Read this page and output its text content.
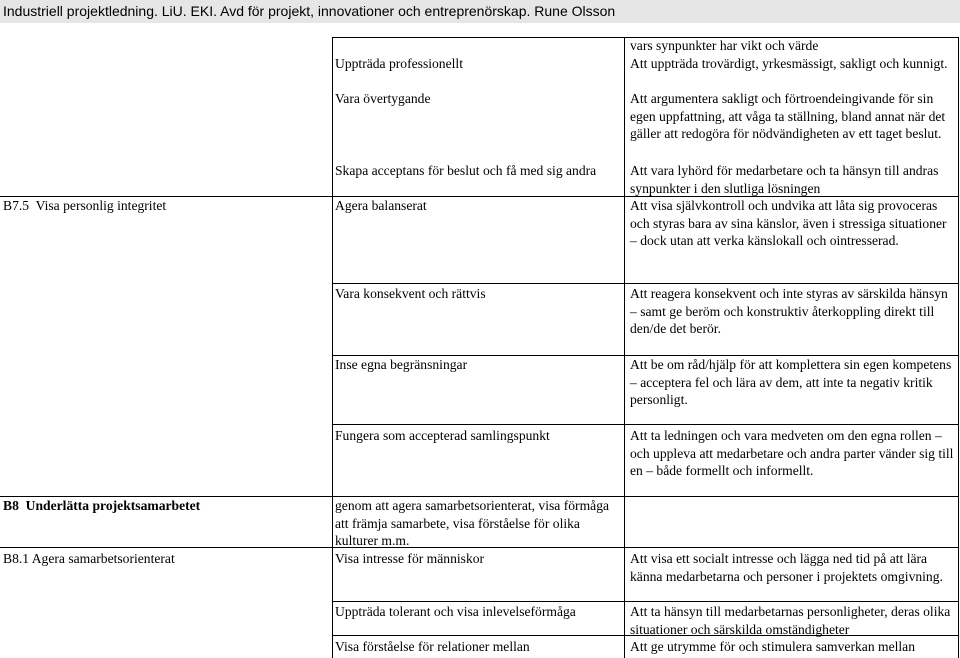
Industriell projektledning. LiU. EKI. Avd för projekt, innovationer och entreprenörskap. Rune Olsson
vars synpunkter har vikt och värde
Uppträda professionellt	Att uppträda trovärdigt, yrkesmässigt, sakligt och kunnigt.
Vara övertygande	Att argumentera sakligt och förtroendeingivande för sin egen uppfattning, att våga ta ställning, bland annat när det gäller att redogöra för nödvändigheten av ett taget beslut.
Skapa acceptans för beslut och få med sig andra	Att vara lyhörd för medarbetare och ta hänsyn till andras synpunkter i den slutliga lösningen
B7.5  Visa personlig integritet	Agera balanserat	Att visa självkontroll och undvika att låta sig provoceras och styras bara av sina känslor, även i stressiga situationer – dock utan att verka känslokall och ointresserad.
Vara konsekvent och rättvis	Att reagera konsekvent och inte styras av särskilda hänsyn – samt ge beröm och konstruktiv återkoppling direkt till den/de det berör.
Inse egna begränsningar	Att be om råd/hjälp för att komplettera sin egen kompetens – acceptera fel och lära av dem, att inte ta negativ kritik personligt.
Fungera som accepterad samlingspunkt	Att ta ledningen och vara medveten om den egna rollen – och uppleva att medarbetare och andra parter vänder sig till en – både formellt och informellt.
B8  Underlätta projektsamarbetet	genom att agera samarbetsorienterat, visa förmåga att främja samarbete, visa förståelse för olika kulturer m.m.
B8.1 Agera samarbetsorienterat	Visa intresse för människor	Att visa ett socialt intresse och lägga ned tid på att lära känna medarbetarna och personer i projektets omgivning.
Uppträda tolerant och visa inlevelseförmåga	Att ta hänsyn till medarbetarnas personligheter, deras olika situationer och särskilda omständigheter
Visa förståelse för relationer mellan	Att ge utrymme för och stimulera samverkan mellan
